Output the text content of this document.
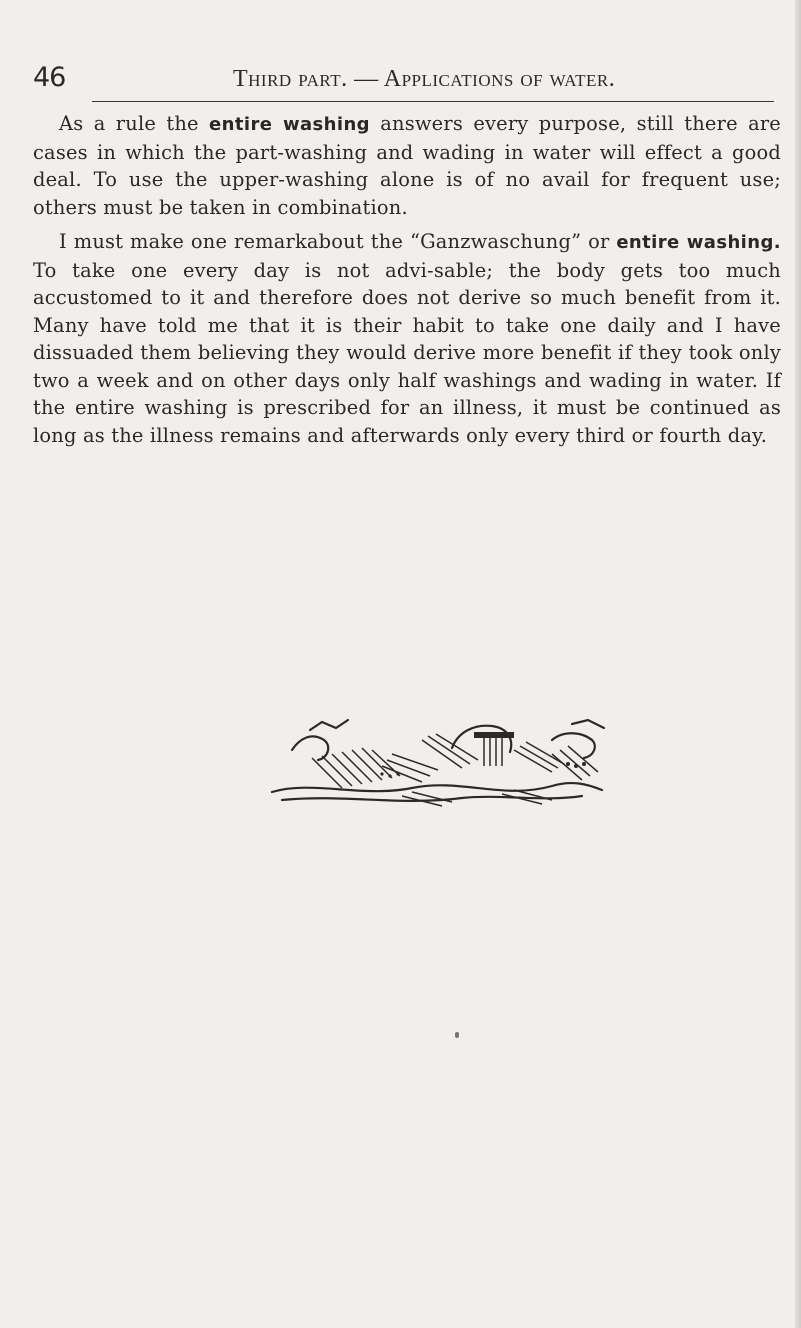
46	Third part. — Applications of water.

As a rule the entire washing answers every purpose, still there are cases in which the part-washing and wading in water will effect a good deal. To use the upper-washing alone is of no avail for frequent use; others must be taken in combination.

I must make one remarkabout the “Ganzwaschung” or entire washing. To take one every day is not advi-sable; the body gets too much accustomed to it and therefore does not derive so much benefit from it. Many have told me that it is their habit to take one daily and I have dissuaded them believing they would derive more benefit if they took only two a week and on other days only half washings and wading in water. If the entire washing is prescribed for an illness, it must be continued as long as the illness remains and afterwards only every third or fourth day.
